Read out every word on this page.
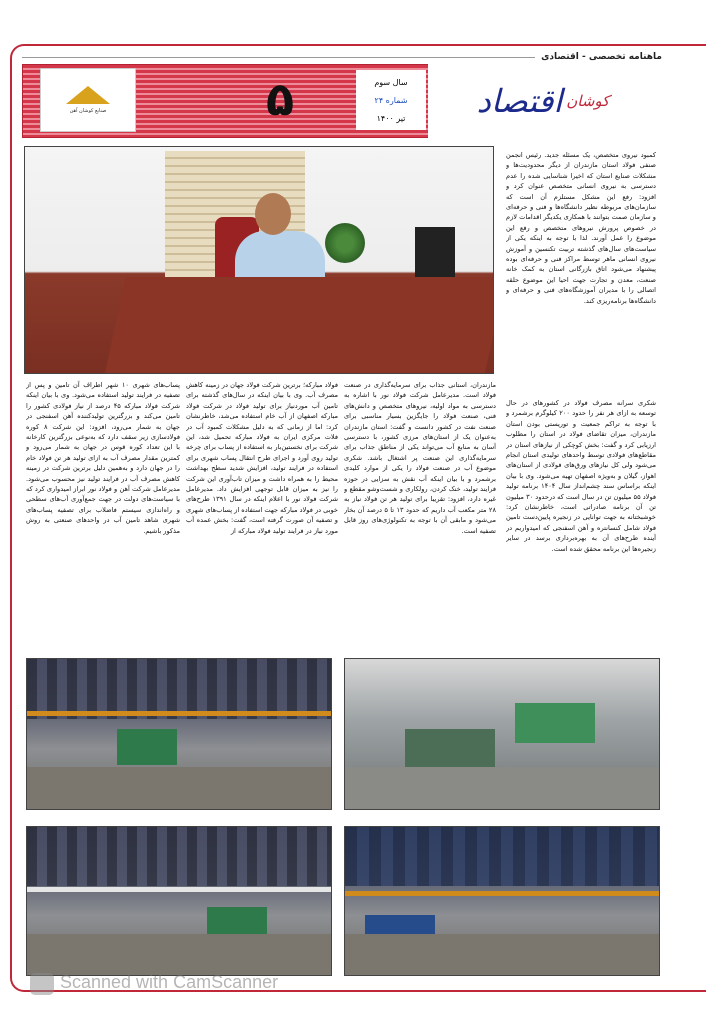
ماهنامه تخصصی - اقتصادی
صنایع کوشان آهن	۵	سال سوم
شماره ۲۴
تیر ۱۴۰۰	اقتصاد کوشان
کمبود نیروی متخصص، یک مسئله جدید. رئیس انجمن صنفی فولاد استان مازندران از دیگر محدودیت‌ها و مشکلات صنایع استان که اخیرا شناسایی شده را عدم دسترسی به نیروی انسانی متخصص عنوان کرد و افزود: رفع این مشکل مستلزم آن است که سازمان‌های مربوطه نظیر دانشگاه‌ها و فنی و حرفه‌ای و سازمان صمت بتوانند با همکاری یکدیگر اقدامات لازم در خصوص پرورش نیروهای متخصص و رفع این موضوع را عمل آورند. لذا با توجه به اینکه یکی از سیاست‌های سال‌های گذشته تربیت تکنسین و آموزش نیروی انسانی ماهر توسط مراکز فنی و حرفه‌ای بوده پیشنهاد می‌شود اتاق بازرگانی استان به کمک خانه صنعت، معدن و تجارت جهت احیا این موضوع حلقه اتصالی را با مدیران آموزشگاه‌های فنی و حرفه‌ای و دانشگاه‌ها برنامه‌ریزی کند.
شکری سرانه مصرف فولاد در کشورهای در حال توسعه به ازای هر نفر را حدود ۲۰۰ کیلوگرم برشمرد و با توجه به تراکم جمعیت و توریستی بودن استان مازندران، میزان تقاضای فولاد در استان را مطلوب ارزیابی کرد و گفت: بخش کوچکی از نیازهای استان در مقاطع‌های فولادی توسط واحدهای تولیدی استان انجام می‌شود ولی کل نیازهای ورق‌های فولادی از استان‌های اهواز، گیلان و به‌ویژه اصفهان تهیه می‌شود. وی با بیان اینکه براساس سند چشم‌انداز سال ۱۴۰۴ برنامه تولید فولاد ۵۵ میلیون تن در سال است که درحدود ۳۰ میلیون تن آن برنامه صادراتی است، خاطرنشان کرد: خوشبختانه به جهت توانایی در زنجیره پایین‌دست تامین فولاد شامل کنسانتره و آهن اسفنجی که امیدواریم در آینده طرح‌های آن به بهره‌برداری برسد در سایر زنجیره‌ها این برنامه محقق شده است.
مازندران، استانی جذاب برای سرمایه‌گذاری در صنعت فولاد است. مدیرعامل شرکت فولاد نور با اشاره به دسترسی به مواد اولیه، نیروهای متخصص و دانش‌های فنی، صنعت فولاد را جایگزین بسیار مناسبی برای صنعت نفت در کشور دانست و گفت: استان مازندران به‌عنوان یک از استان‌های مرزی کشور، با دسترسی آسان به منابع آب می‌تواند یکی از مناطق جذاب برای سرمایه‌گذاری این صنعت پر اشتغال باشد. شکری موضوع آب در صنعت فولاد را یکی از موارد کلیدی برشمرد و با بیان اینکه آب نقش به سزایی در حوزه فرایند تولید، خنک کردن، رولکاری و شست‌وشو مقطع و غیره دارد، افزود: تقریبا برای تولید هر تن فولاد نیاز به ۲۸ متر مکعب آب داریم که حدود ۱۳ تا ۵ درصد آن بخار می‌شود و مابقی آن با توجه به تکنولوژی‌های روز قابل تصفیه است.
فولاد مبارکه؛ برترین شرکت فولاد جهان در زمینه کاهش مصرف آب. وی با بیان اینکه در سال‌های گذشته برای تامین آب موردنیاز برای تولید فولاد در شرکت فولاد مبارکه اصفهان از آب خام استفاده می‌شد، خاطرنشان کرد: اما از زمانی که به دلیل مشکلات کمبود آب در فلات مرکزی ایران به فولاد مبارکه تحمیل شد، این شرکت برای نخستین‌بار به استفاده از پساب برای چرخه تولید روی آورد و اجرای طرح انتقال پساب شهری برای استفاده در فرایند تولید، افزایش شدید سطح بهداشت محیط را به همراه داشت و میزان تاب‌آوری این شرکت را نیز به میزان قابل توجهی افزایش داد. مدیرعامل شرکت فولاد نور با اعلام اینکه در سال ۱۳۹۱ طرح‌های خوبی در فولاد مبارکه جهت استفاده از پساب‌های شهری و تصفیه آن صورت گرفته است، گفت: بخش عمده آب مورد نیاز در فرایند تولید فولاد مبارکه از
پساب‌های شهری ۱۰ شهر اطراف آن تامین و پس از تصفیه در فرایند تولید استفاده می‌شود. وی با بیان اینکه شرکت فولاد مبارکه ۴۵ درصد از نیاز فولادی کشور را تامین می‌کند و بزرگترین تولیدکننده آهن اسفنجی در جهان به شمار می‌رود، افزود: این شرکت ۸ کوره فولادسازی زیر سقف دارد که به‌نوعی بزرگترین کارخانه با این تعداد کوره قوس در جهان به شمار می‌رود و کمترین مقدار مصرف آب به ازای تولید هر تن فولاد خام را در جهان دارد و به‌همین دلیل برترین شرکت در زمینه کاهش مصرف آب در فرایند تولید نیز محسوب می‌شود. مدیرعامل شرکت آهن و فولاد نور ابراز امیدواری کرد که با سیاست‌های دولت در جهت جمع‌آوری آب‌های سطحی و راه‌اندازی سیستم فاضلاب برای تصفیه پساب‌های شهری شاهد تامین آب در واحدهای صنعتی به روش مذکور باشیم.
Scanned with CamScanner
